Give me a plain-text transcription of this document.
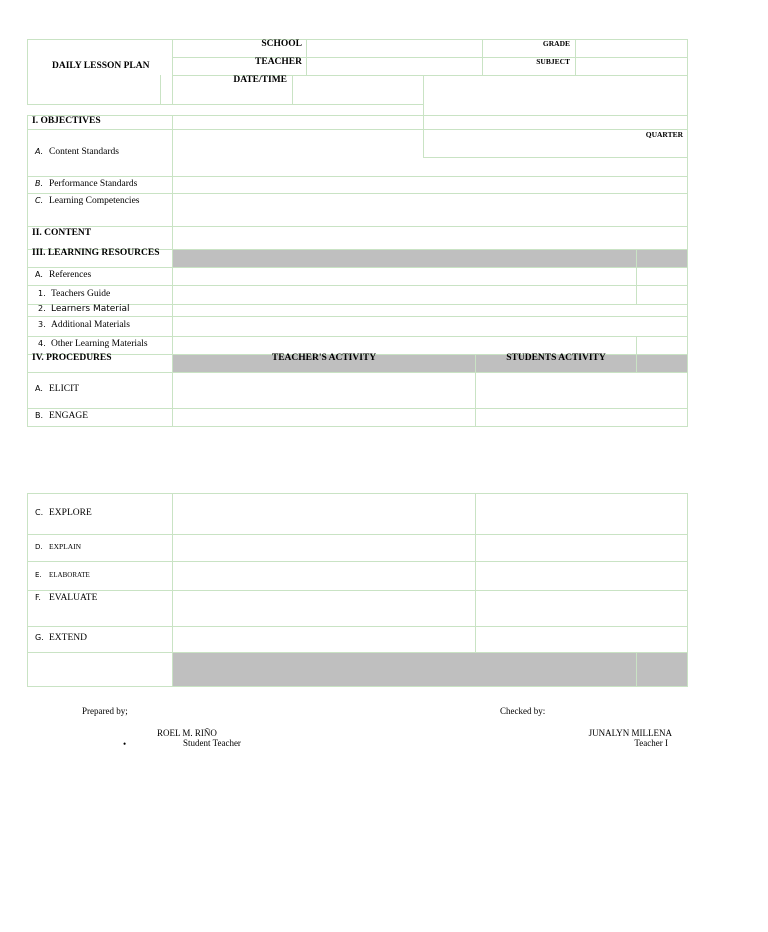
DAILY LESSON PLAN
SCHOOL	GRADE
TEACHER	SUBJECT
DATE/TIME
QUARTER
I. OBJECTIVES
A. Content Standards
B. Performance Standards
C. Learning Competencies
II. CONTENT
III. LEARNING RESOURCES
A. References
1. Teachers Guide
2. Learners Material
3. Additional Materials
4. Other Learning Materials
IV. PROCEDURES	TEACHER'S ACTIVITY	STUDENTS ACTIVITY
A. ELICIT
B. ENGAGE
C. EXPLORE
D. EXPLAIN
E. ELABORATE
F. EVALUATE
G. EXTEND
Prepared by;
ROEL M. RIÑO
•	Student Teacher
Checked by:
JUNALYN MILLENA
Teacher I
